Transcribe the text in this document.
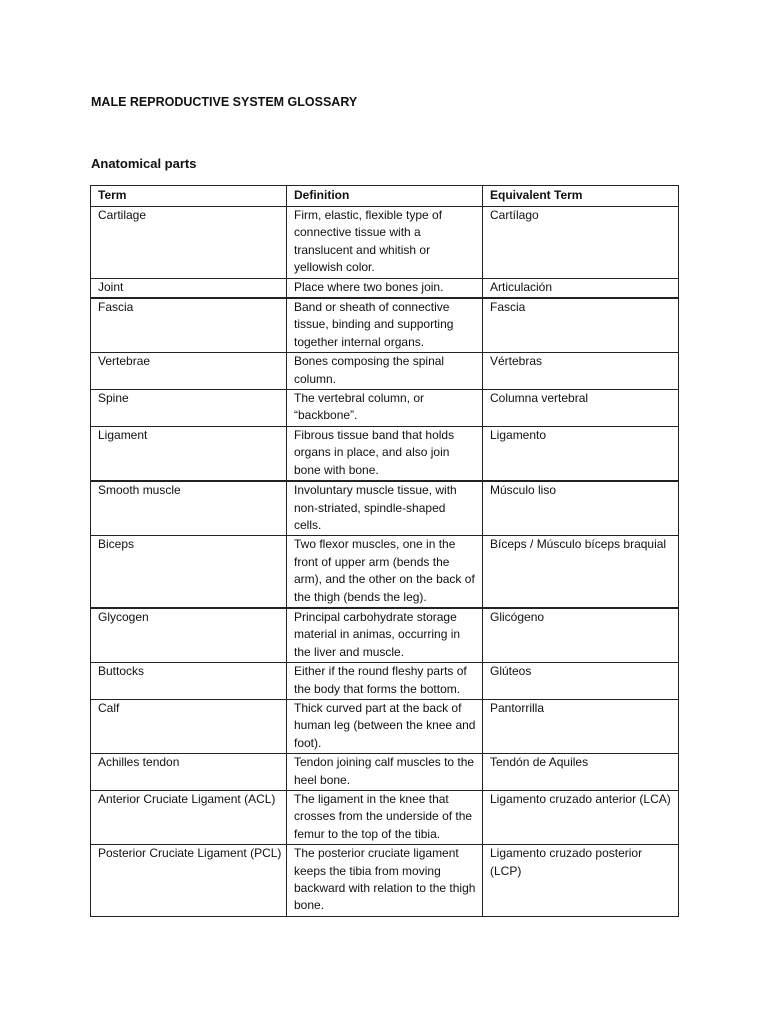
MALE REPRODUCTIVE SYSTEM GLOSSARY
Anatomical parts
Term	Definition	Equivalent Term
Cartilage	Firm, elastic, flexible type of connective tissue with a translucent and whitish or yellowish color.	Cartílago
Joint	Place where two bones join.	Articulación
Fascia	Band or sheath of connective tissue, binding and supporting together internal organs.	Fascia
Vertebrae	Bones composing the spinal column.	Vértebras
Spine	The vertebral column, or “backbone”.	Columna vertebral
Ligament	Fibrous tissue band that holds organs in place, and also join bone with bone.	Ligamento
Smooth muscle	Involuntary muscle tissue, with non-striated, spindle-shaped cells.	Músculo liso
Biceps	Two flexor muscles, one in the front of upper arm (bends the arm), and the other on the back of the thigh (bends the leg).	Bíceps / Músculo bíceps braquial
Glycogen	Principal carbohydrate storage material in animas, occurring in the liver and muscle.	Glicógeno
Buttocks	Either if the round fleshy parts of the body that forms the bottom.	Glúteos
Calf	Thick curved part at the back of human leg (between the knee and foot).	Pantorrilla
Achilles tendon	Tendon joining calf muscles to the heel bone.	Tendón de Aquiles
Anterior Cruciate Ligament (ACL)	The ligament in the knee that crosses from the underside of the femur to the top of the tibia.	Ligamento cruzado anterior (LCA)
Posterior Cruciate Ligament (PCL)	The posterior cruciate ligament keeps the tibia from moving backward with relation to the thigh bone.	Ligamento cruzado posterior (LCP)
